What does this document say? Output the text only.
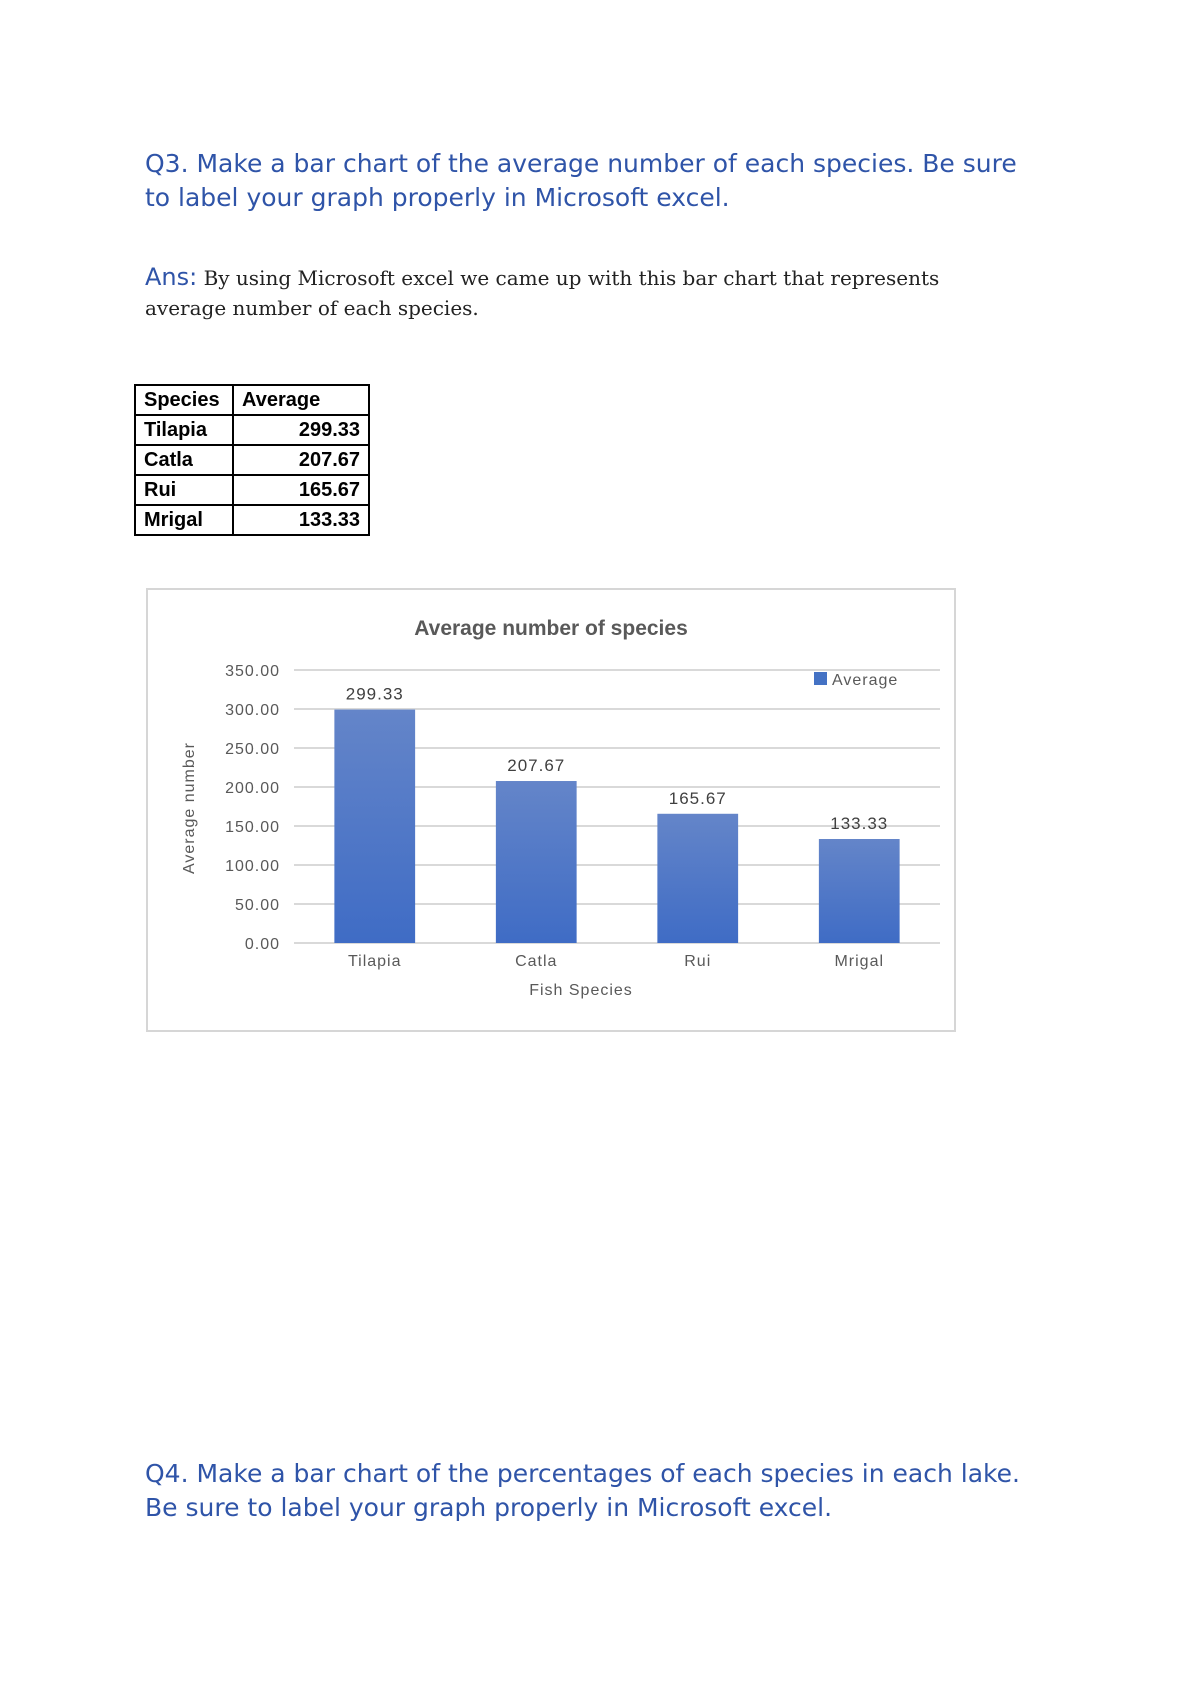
Q3. Make a bar chart of the average number of each species. Be sure to label your graph properly in Microsoft excel.
Ans: By using Microsoft excel we came up with this bar chart that represents average number of each species.
Species	Average
Tilapia	299.33
Catla	207.67
Rui	165.67
Mrigal	133.33
Average number of species
0.00
50.00
100.00
150.00
200.00
250.00
300.00
350.00
299.33
Tilapia
207.67
Catla
165.67
Rui
133.33
Mrigal
Average
Fish Species
Average number
Q4. Make a bar chart of the percentages of each species in each lake. Be sure to label your graph properly in Microsoft excel.
